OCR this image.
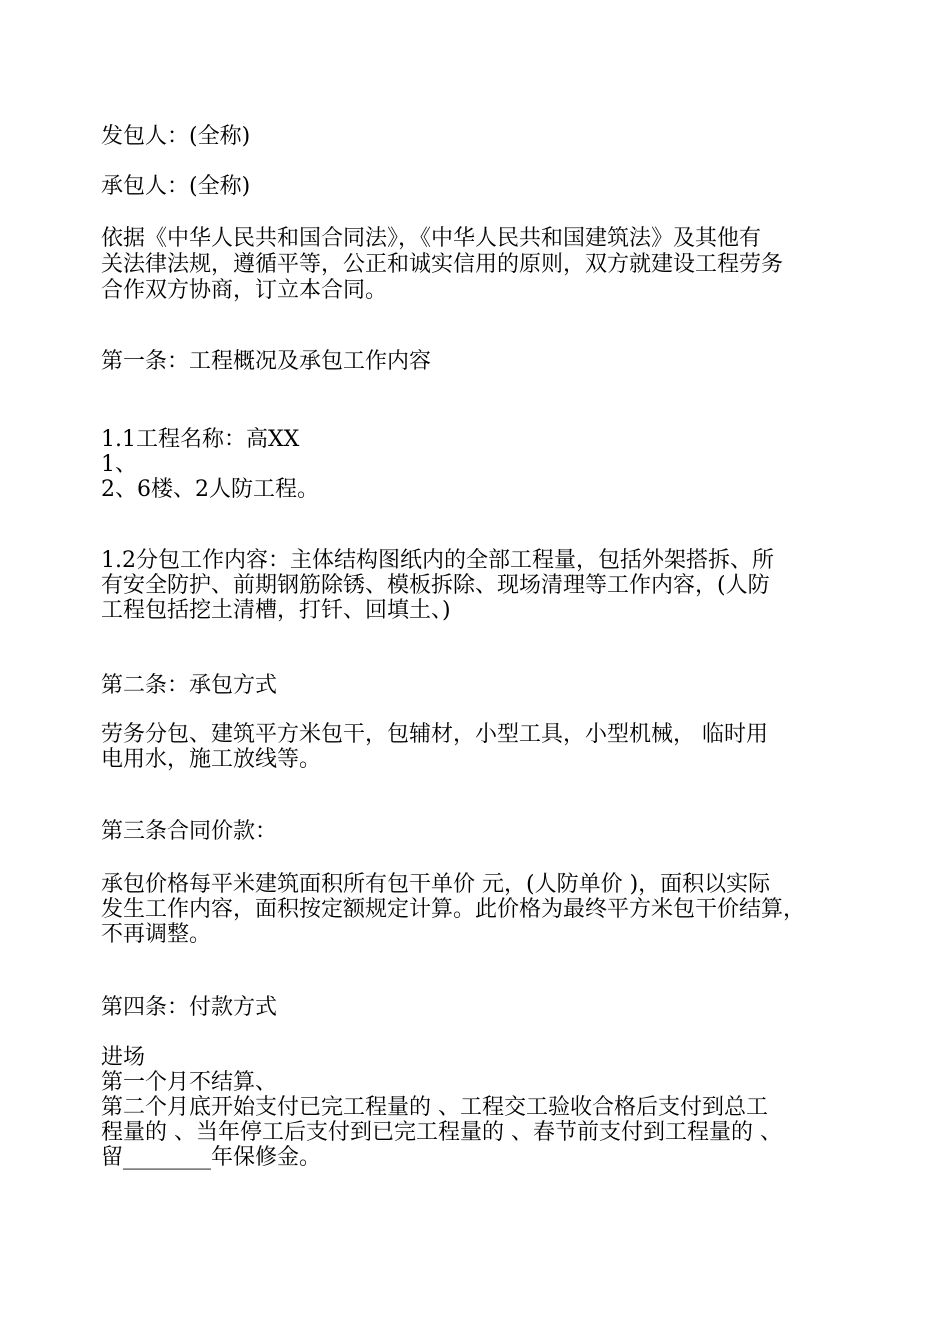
发包人：(全称)
承包人：(全称)
依据《中华人民共和国合同法》，《中华人民共和国建筑法》及其他有
关法律法规，遵循平等，公正和诚实信用的原则，双方就建设工程劳务
合作双方协商，订立本合同。
第一条：工程概况及承包工作内容
1.1工程名称：高XX
1、
2、6楼、2人防工程。
1.2分包工作内容：主体结构图纸内的全部工程量，包括外架搭拆、所
有安全防护、前期钢筋除锈、模板拆除、现场清理等工作内容，(人防
工程包括挖土清槽，打钎、回填土、)
第二条：承包方式
劳务分包、建筑平方米包干，包辅材，小型工具，小型机械， 临时用
电用水，施工放线等。
第三条合同价款：
承包价格每平米建筑面积所有包干单价 元，(人防单价 )，面积以实际
发生工作内容，面积按定额规定计算。此价格为最终平方米包干价结算，
不再调整。
第四条：付款方式
进场
第一个月不结算、
第二个月底开始支付已完工程量的 、工程交工验收合格后支付到总工
程量的 、当年停工后支付到已完工程量的 、春节前支付到工程量的 、
留________年保修金。
